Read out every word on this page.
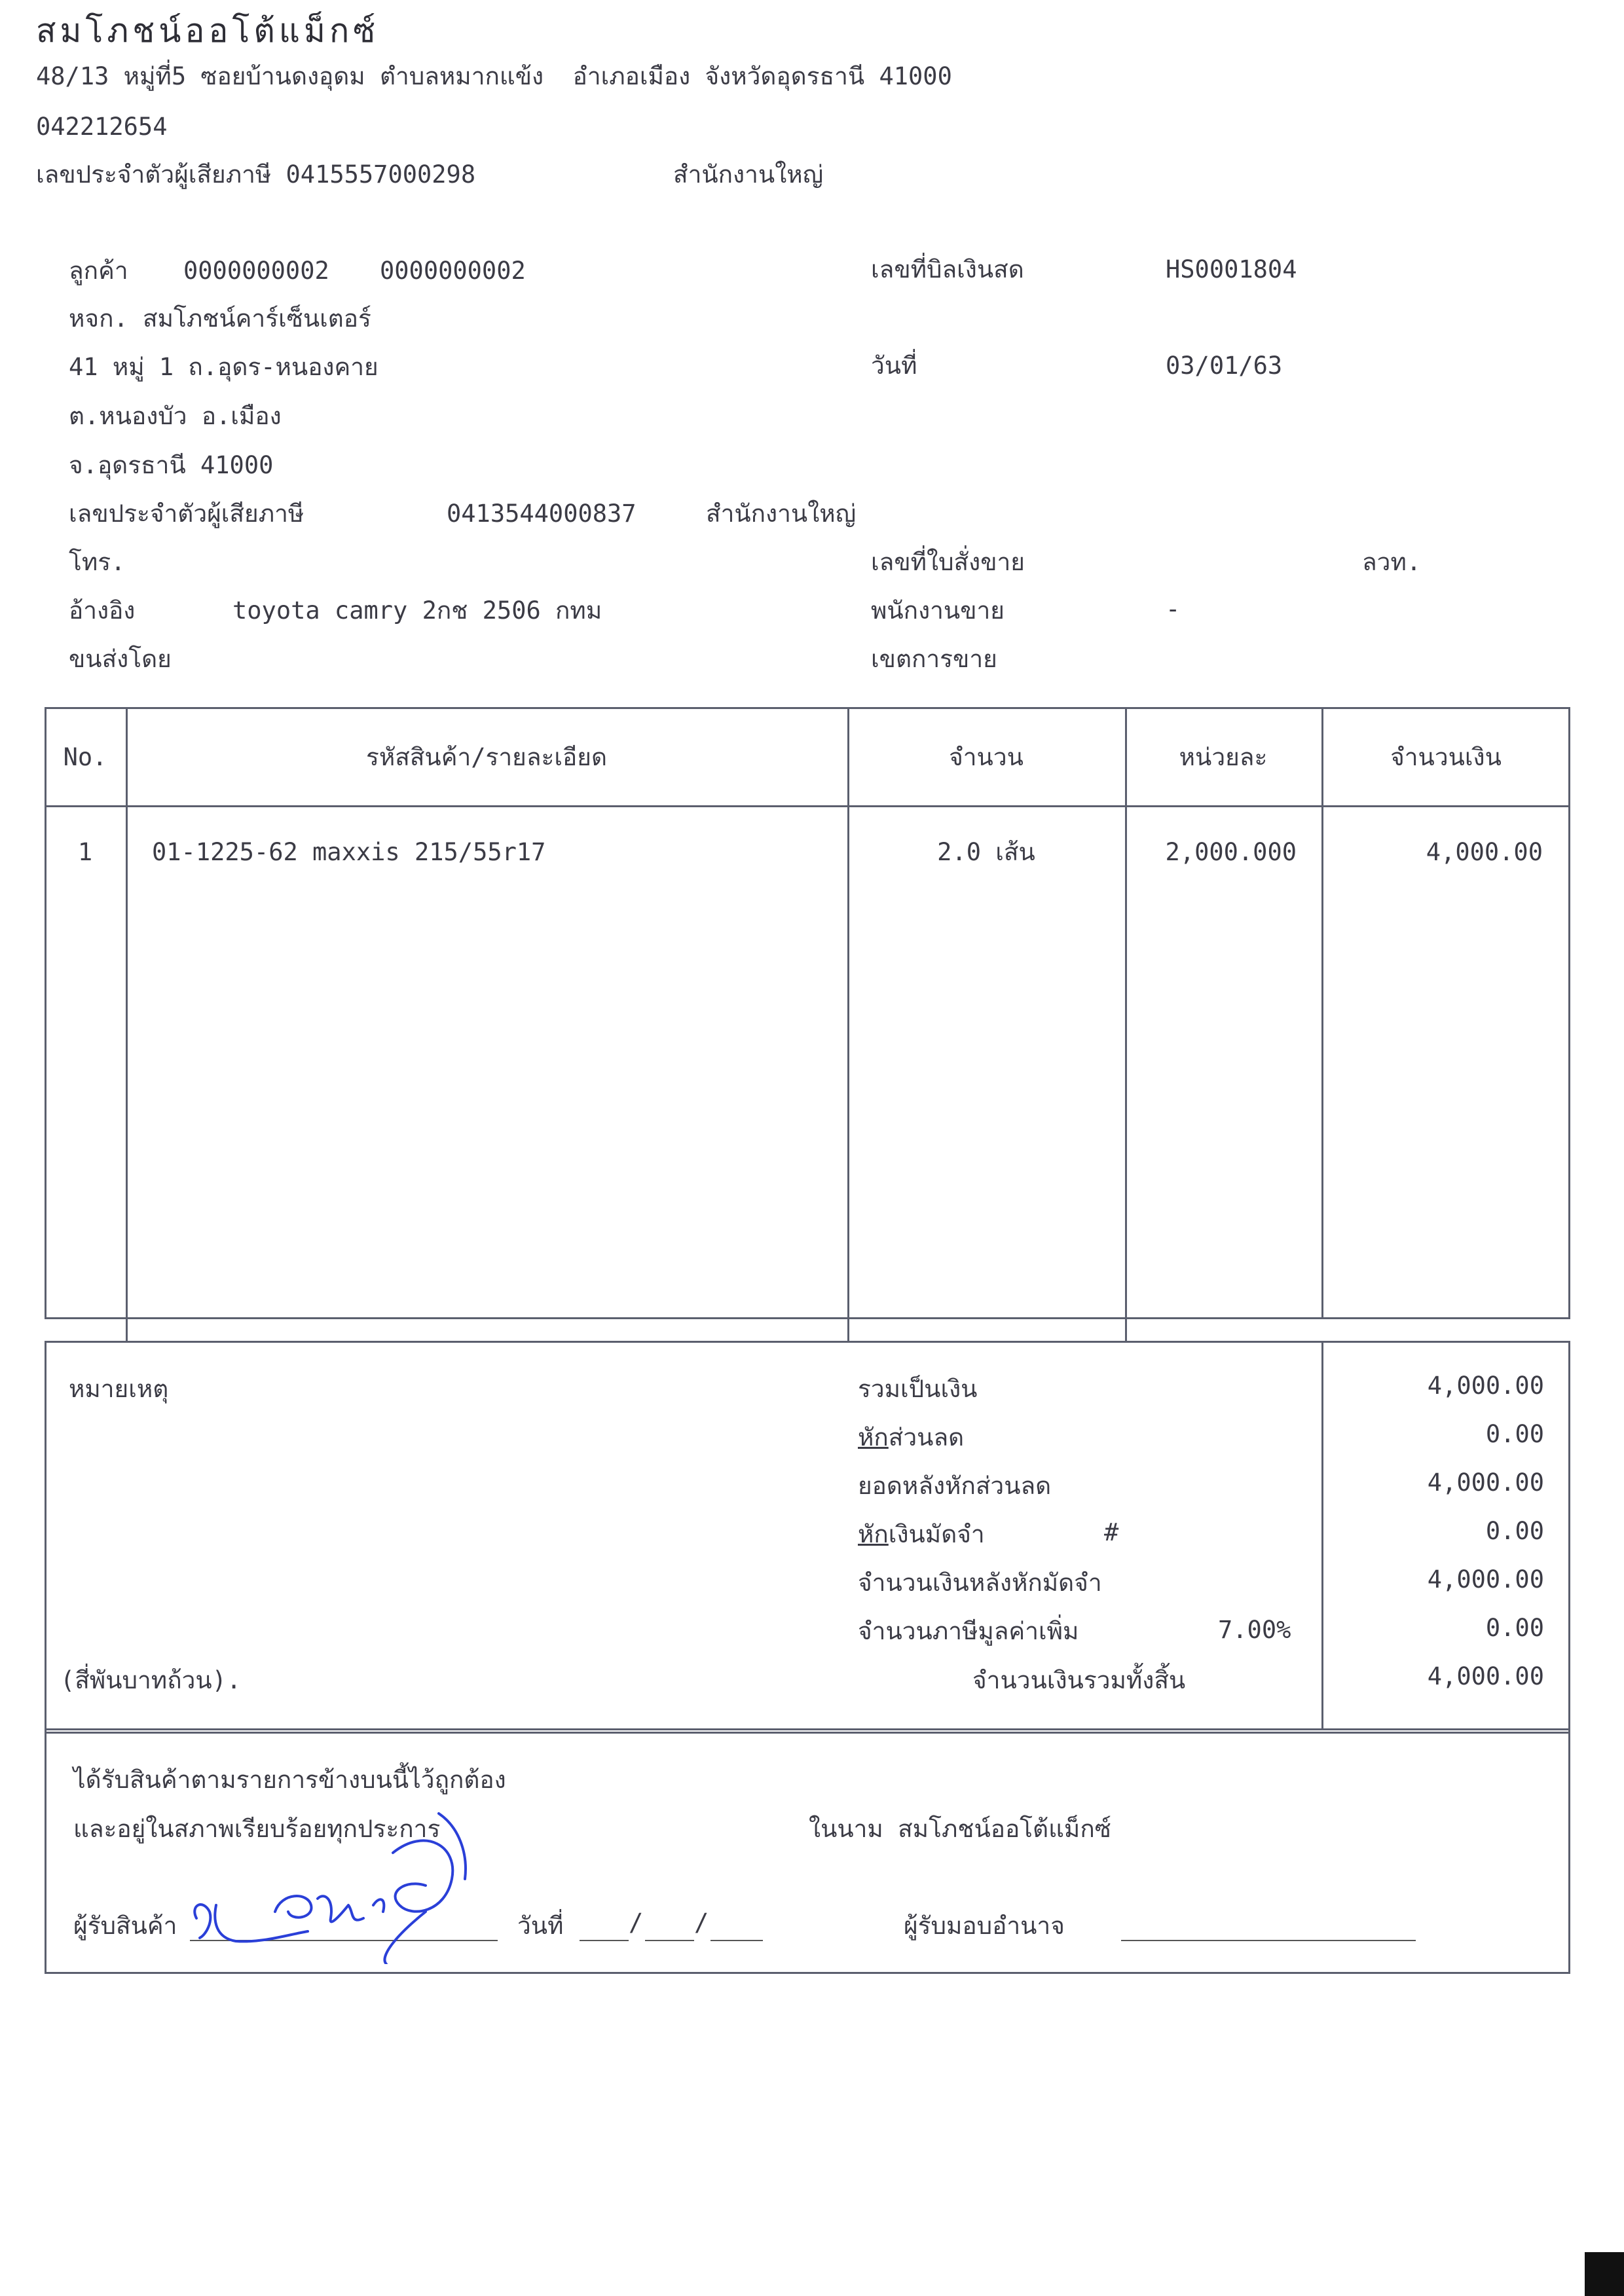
สมโภชน์ออโต้แม็กซ์
48/13 หมู่ที่5 ซอยบ้านดงอุดม ตำบลหมากแข้ง  อำเภอเมือง จังหวัดอุดรธานี 41000
042212654
เลขประจำตัวผู้เสียภาษี 0415557000298	สำนักงานใหญ่
ลูกค้า 0000000002 0000000002
หจก. สมโภชน์คาร์เซ็นเตอร์
41 หมู่ 1 ถ.อุดร-หนองคาย
ต.หนองบัว อ.เมือง
จ.อุดรธานี 41000
เลขประจำตัวผู้เสียภาษี	0413544000837	สำนักงานใหญ่
โทร.
อ้างอิง	toyota camry 2กช 2506 กทม
ขนส่งโดย
เลขที่บิลเงินสด	HS0001804
วันที่	03/01/63
เลขที่ใบสั่งขาย	ลวท.
พนักงานขาย	-
เขตการขาย
No.	รหัสสินค้า/รายละเอียด	จำนวน	หน่วยละ	จำนวนเงิน
1	01-1225-62 maxxis 215/55r17	2.0 เส้น	2,000.000	4,000.00
หมายเหตุ	รวมเป็นเงิน	4,000.00
หักส่วนลด	0.00
ยอดหลังหักส่วนลด	4,000.00
หักเงินมัดจำ	#	0.00
จำนวนเงินหลังหักมัดจำ	4,000.00
จำนวนภาษีมูลค่าเพิ่ม	7.00%	0.00
(สี่พันบาทถ้วน).	จำนวนเงินรวมทั้งสิ้น	4,000.00
ได้รับสินค้าตามรายการข้างบนนี้ไว้ถูกต้อง
และอยู่ในสภาพเรียบร้อยทุกประการ	ในนาม สมโภชน์ออโต้แม็กซ์
ผู้รับสินค้า	วันที่	/ /	ผู้รับมอบอำนาจ
